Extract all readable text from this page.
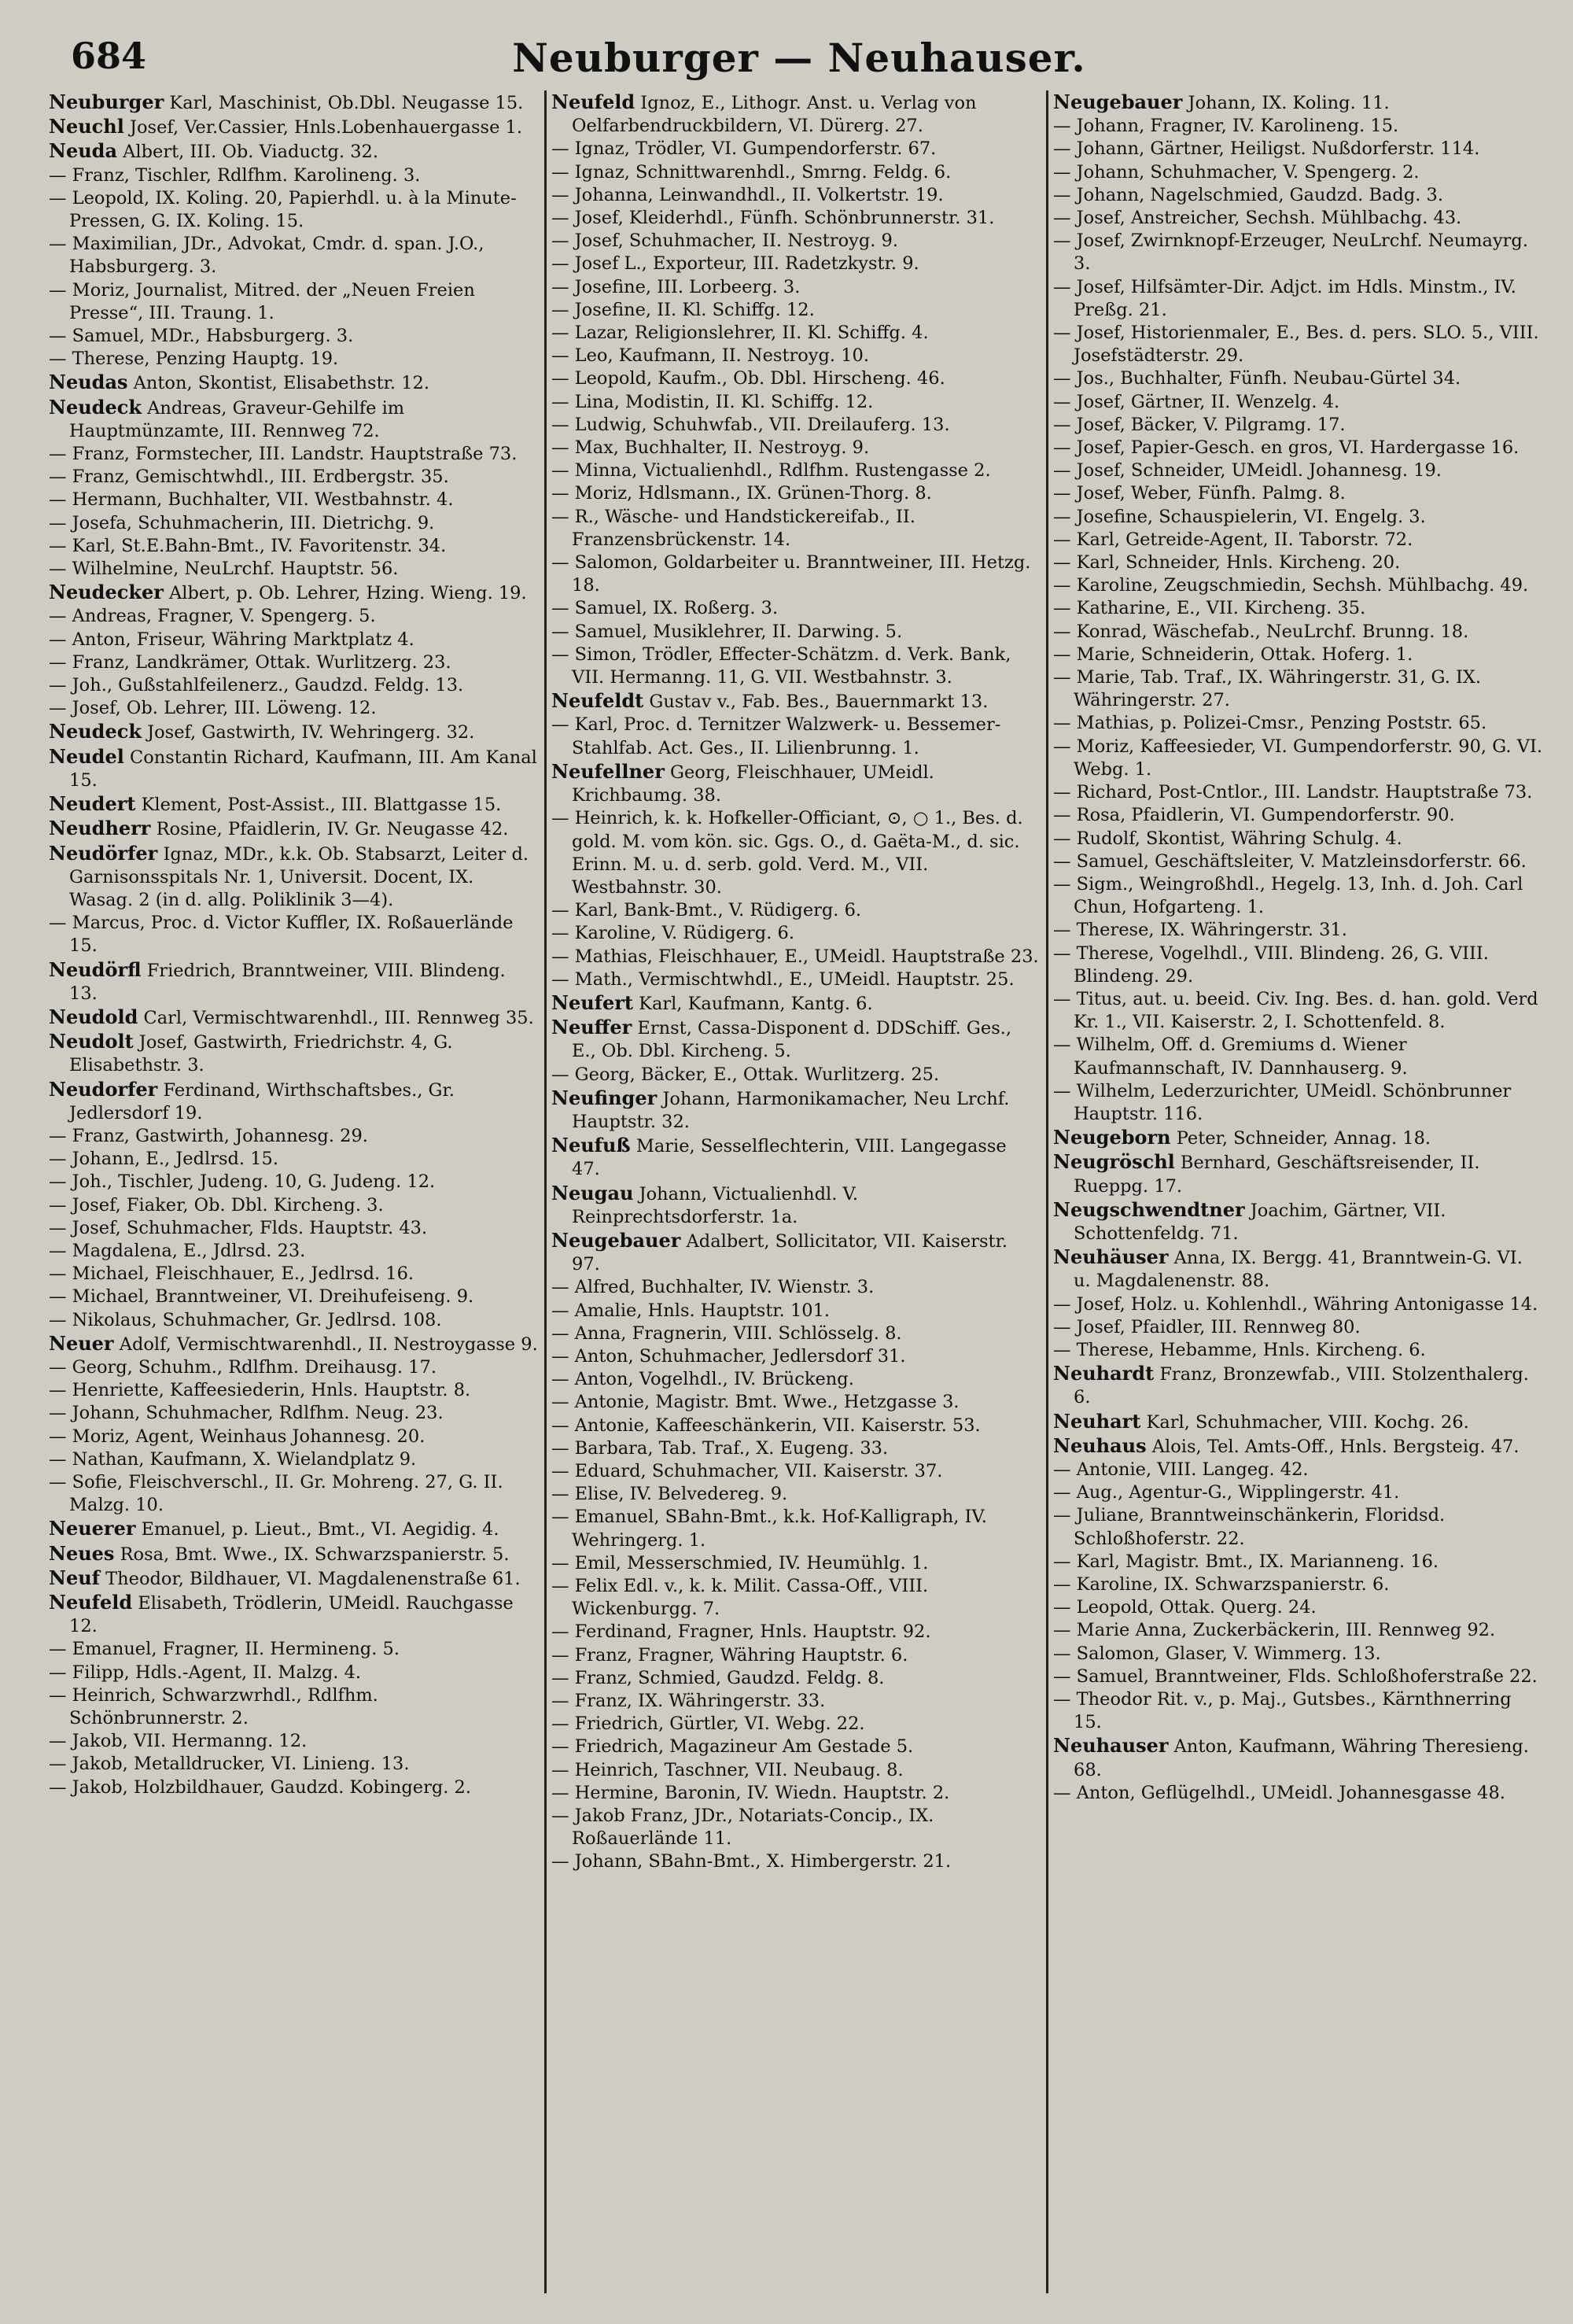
684	Neuburger — Neuhauser.

Neuburger Karl, Maschinist, Ob.Dbl. Neugasse 15.

Neuchl Josef, Ver.Cassier, Hnls.Lobenhauergasse 1.

Neuda Albert, III. Ob. Viaductg. 32.

— Franz, Tischler, Rdlfhm. Karolineng. 3.

— Leopold, IX. Koling. 20, Papierhdl. u. à la Minute-Pressen, G. IX. Koling. 15.

— Maximilian, JDr., Advokat, Cmdr. d. span. J.O., Habsburgerg. 3.

— Moriz, Journalist, Mitred. der „Neuen Freien Presse“, III. Traung. 1.

— Samuel, MDr., Habsburgerg. 3.

— Therese, Penzing Hauptg. 19.

Neudas Anton, Skontist, Elisabethstr. 12.

Neudeck Andreas, Graveur-Gehilfe im Hauptmünzamte, III. Rennweg 72.

— Franz, Formstecher, III. Landstr. Hauptstraße 73.

— Franz, Gemischtwhdl., III. Erdbergstr. 35.

— Hermann, Buchhalter, VII. Westbahnstr. 4.

— Josefa, Schuhmacherin, III. Dietrichg. 9.

— Karl, St.E.Bahn-Bmt., IV. Favoritenstr. 34.

— Wilhelmine, NeuLrchf. Hauptstr. 56.

Neudecker Albert, p. Ob. Lehrer, Hzing. Wieng. 19.

— Andreas, Fragner, V. Spengerg. 5.

— Anton, Friseur, Währing Marktplatz 4.

— Franz, Landkrämer, Ottak. Wurlitzerg. 23.

— Joh., Gußstahlfeilenerz., Gaudzd. Feldg. 13.

— Josef, Ob. Lehrer, III. Löweng. 12.

Neudeck Josef, Gastwirth, IV. Wehringerg. 32.

Neudel Constantin Richard, Kaufmann, III. Am Kanal 15.

Neudert Klement, Post-Assist., III. Blattgasse 15.

Neudherr Rosine, Pfaidlerin, IV. Gr. Neugasse 42.

Neudörfer Ignaz, MDr., k.k. Ob. Stabsarzt, Leiter d. Garnisonsspitals Nr. 1, Universit. Docent, IX. Wasag. 2 (in d. allg. Poliklinik 3—4).

— Marcus, Proc. d. Victor Kuffler, IX. Roßauerlände 15.

Neudörfl Friedrich, Branntweiner, VIII. Blindeng. 13.

Neudold Carl, Vermischtwarenhdl., III. Rennweg 35.

Neudolt Josef, Gastwirth, Friedrichstr. 4, G. Elisabethstr. 3.

Neudorfer Ferdinand, Wirthschaftsbes., Gr. Jedlersdorf 19.

— Franz, Gastwirth, Johannesg. 29.

— Johann, E., Jedlrsd. 15.

— Joh., Tischler, Judeng. 10, G. Judeng. 12.

— Josef, Fiaker, Ob. Dbl. Kircheng. 3.

— Josef, Schuhmacher, Flds. Hauptstr. 43.

— Magdalena, E., Jdlrsd. 23.

— Michael, Fleischhauer, E., Jedlrsd. 16.

— Michael, Branntweiner, VI. Dreihufeiseng. 9.

— Nikolaus, Schuhmacher, Gr. Jedlrsd. 108.

Neuer Adolf, Vermischtwarenhdl., II. Nestroygasse 9.

— Georg, Schuhm., Rdlfhm. Dreihausg. 17.

— Henriette, Kaffeesiederin, Hnls. Hauptstr. 8.

— Johann, Schuhmacher, Rdlfhm. Neug. 23.

— Moriz, Agent, Weinhaus Johannesg. 20.

— Nathan, Kaufmann, X. Wielandplatz 9.

— Sofie, Fleischverschl., II. Gr. Mohreng. 27, G. II. Malzg. 10.

Neuerer Emanuel, p. Lieut., Bmt., VI. Aegidig. 4.

Neues Rosa, Bmt. Wwe., IX. Schwarzspanierstr. 5.

Neuf Theodor, Bildhauer, VI. Magdalenenstraße 61.

Neufeld Elisabeth, Trödlerin, UMeidl. Rauchgasse 12.

— Emanuel, Fragner, II. Hermineng. 5.

— Filipp, Hdls.-Agent, II. Malzg. 4.

— Heinrich, Schwarzwrhdl., Rdlfhm. Schönbrunnerstr. 2.

— Jakob, VII. Hermanng. 12.

— Jakob, Metalldrucker, VI. Linieng. 13.

— Jakob, Holzbildhauer, Gaudzd. Kobingerg. 2.

Neufeld Ignoz, E., Lithogr. Anst. u. Verlag von Oelfarbendruckbildern, VI. Dürerg. 27.

— Ignaz, Trödler, VI. Gumpendorferstr. 67.

— Ignaz, Schnittwarenhdl., Smrng. Feldg. 6.

— Johanna, Leinwandhdl., II. Volkertstr. 19.

— Josef, Kleiderhdl., Fünfh. Schönbrunnerstr. 31.

— Josef, Schuhmacher, II. Nestroyg. 9.

— Josef L., Exporteur, III. Radetzkystr. 9.

— Josefine, III. Lorbeerg. 3.

— Josefine, II. Kl. Schiffg. 12.

— Lazar, Religionslehrer, II. Kl. Schiffg. 4.

— Leo, Kaufmann, II. Nestroyg. 10.

— Leopold, Kaufm., Ob. Dbl. Hirscheng. 46.

— Lina, Modistin, II. Kl. Schiffg. 12.

— Ludwig, Schuhwfab., VII. Dreilauferg. 13.

— Max, Buchhalter, II. Nestroyg. 9.

— Minna, Victualienhdl., Rdlfhm. Rustengasse 2.

— Moriz, Hdlsmann., IX. Grünen-Thorg. 8.

— R., Wäsche- und Handstickereifab., II. Franzensbrückenstr. 14.

— Salomon, Goldarbeiter u. Branntweiner, III. Hetzg. 18.

— Samuel, IX. Roßerg. 3.

— Samuel, Musiklehrer, II. Darwing. 5.

— Simon, Trödler, Effecter-Schätzm. d. Verk. Bank, VII. Hermanng. 11, G. VII. Westbahnstr. 3.

Neufeldt Gustav v., Fab. Bes., Bauernmarkt 13.

— Karl, Proc. d. Ternitzer Walzwerk- u. Bessemer-Stahlfab. Act. Ges., II. Lilienbrunng. 1.

Neufellner Georg, Fleischhauer, UMeidl. Krichbaumg. 38.

— Heinrich, k. k. Hofkeller-Officiant, ⊙, ○ 1., Bes. d. gold. M. vom kön. sic. Ggs. O., d. Gaëta-M., d. sic. Erinn. M. u. d. serb. gold. Verd. M., VII. Westbahnstr. 30.

— Karl, Bank-Bmt., V. Rüdigerg. 6.

— Karoline, V. Rüdigerg. 6.

— Mathias, Fleischhauer, E., UMeidl. Hauptstraße 23.

— Math., Vermischtwhdl., E., UMeidl. Hauptstr. 25.

Neufert Karl, Kaufmann, Kantg. 6.

Neuffer Ernst, Cassa-Disponent d. DDSchiff. Ges., E., Ob. Dbl. Kircheng. 5.

— Georg, Bäcker, E., Ottak. Wurlitzerg. 25.

Neufinger Johann, Harmonikamacher, Neu Lrchf. Hauptstr. 32.

Neufuß Marie, Sesselflechterin, VIII. Langegasse 47.

Neugau Johann, Victualienhdl. V. Reinprechtsdorferstr. 1a.

Neugebauer Adalbert, Sollicitator, VII. Kaiserstr. 97.

— Alfred, Buchhalter, IV. Wienstr. 3.

— Amalie, Hnls. Hauptstr. 101.

— Anna, Fragnerin, VIII. Schlösselg. 8.

— Anton, Schuhmacher, Jedlersdorf 31.

— Anton, Vogelhdl., IV. Brückeng.

— Antonie, Magistr. Bmt. Wwe., Hetzgasse 3.

— Antonie, Kaffeeschänkerin, VII. Kaiserstr. 53.

— Barbara, Tab. Traf., X. Eugeng. 33.

— Eduard, Schuhmacher, VII. Kaiserstr. 37.

— Elise, IV. Belvedereg. 9.

— Emanuel, SBahn-Bmt., k.k. Hof-Kalligraph, IV. Wehringerg. 1.

— Emil, Messerschmied, IV. Heumühlg. 1.

— Felix Edl. v., k. k. Milit. Cassa-Off., VIII. Wickenburgg. 7.

— Ferdinand, Fragner, Hnls. Hauptstr. 92.

— Franz, Fragner, Währing Hauptstr. 6.

— Franz, Schmied, Gaudzd. Feldg. 8.

— Franz, IX. Währingerstr. 33.

— Friedrich, Gürtler, VI. Webg. 22.

— Friedrich, Magazineur Am Gestade 5.

— Heinrich, Taschner, VII. Neubaug. 8.

— Hermine, Baronin, IV. Wiedn. Hauptstr. 2.

— Jakob Franz, JDr., Notariats-Concip., IX. Roßauerlände 11.

— Johann, SBahn-Bmt., X. Himbergerstr. 21.

Neugebauer Johann, IX. Koling. 11.

— Johann, Fragner, IV. Karolineng. 15.

— Johann, Gärtner, Heiligst. Nußdorferstr. 114.

— Johann, Schuhmacher, V. Spengerg. 2.

— Johann, Nagelschmied, Gaudzd. Badg. 3.

— Josef, Anstreicher, Sechsh. Mühlbachg. 43.

— Josef, Zwirnknopf-Erzeuger, NeuLrchf. Neumayrg. 3.

— Josef, Hilfsämter-Dir. Adjct. im Hdls. Minstm., IV. Preßg. 21.

— Josef, Historienmaler, E., Bes. d. pers. SLO. 5., VIII. Josefstädterstr. 29.

— Jos., Buchhalter, Fünfh. Neubau-Gürtel 34.

— Josef, Gärtner, II. Wenzelg. 4.

— Josef, Bäcker, V. Pilgramg. 17.

— Josef, Papier-Gesch. en gros, VI. Hardergasse 16.

— Josef, Schneider, UMeidl. Johannesg. 19.

— Josef, Weber, Fünfh. Palmg. 8.

— Josefine, Schauspielerin, VI. Engelg. 3.

— Karl, Getreide-Agent, II. Taborstr. 72.

— Karl, Schneider, Hnls. Kircheng. 20.

— Karoline, Zeugschmiedin, Sechsh. Mühlbachg. 49.

— Katharine, E., VII. Kircheng. 35.

— Konrad, Wäschefab., NeuLrchf. Brunng. 18.

— Marie, Schneiderin, Ottak. Hoferg. 1.

— Marie, Tab. Traf., IX. Währingerstr. 31, G. IX. Währingerstr. 27.

— Mathias, p. Polizei-Cmsr., Penzing Poststr. 65.

— Moriz, Kaffeesieder, VI. Gumpendorferstr. 90, G. VI. Webg. 1.

— Richard, Post-Cntlor., III. Landstr. Hauptstraße 73.

— Rosa, Pfaidlerin, VI. Gumpendorferstr. 90.

— Rudolf, Skontist, Währing Schulg. 4.

— Samuel, Geschäftsleiter, V. Matzleinsdorferstr. 66.

— Sigm., Weingroßhdl., Hegelg. 13, Inh. d. Joh. Carl Chun, Hofgarteng. 1.

— Therese, IX. Währingerstr. 31.

— Therese, Vogelhdl., VIII. Blindeng. 26, G. VIII. Blindeng. 29.

— Titus, aut. u. beeid. Civ. Ing. Bes. d. han. gold. Verd Kr. 1., VII. Kaiserstr. 2, I. Schottenfeld. 8.

— Wilhelm, Off. d. Gremiums d. Wiener Kaufmannschaft, IV. Dannhauserg. 9.

— Wilhelm, Lederzurichter, UMeidl. Schönbrunner Hauptstr. 116.

Neugeborn Peter, Schneider, Annag. 18.

Neugröschl Bernhard, Geschäftsreisender, II. Rueppg. 17.

Neugschwendtner Joachim, Gärtner, VII. Schottenfeldg. 71.

Neuhäuser Anna, IX. Bergg. 41, Branntwein-G. VI. u. Magdalenenstr. 88.

— Josef, Holz. u. Kohlenhdl., Währing Antonigasse 14.

— Josef, Pfaidler, III. Rennweg 80.

— Therese, Hebamme, Hnls. Kircheng. 6.

Neuhardt Franz, Bronzewfab., VIII. Stolzenthalerg. 6.

Neuhart Karl, Schuhmacher, VIII. Kochg. 26.

Neuhaus Alois, Tel. Amts-Off., Hnls. Bergsteig. 47.

— Antonie, VIII. Langeg. 42.

— Aug., Agentur-G., Wipplingerstr. 41.

— Juliane, Branntweinschänkerin, Floridsd. Schloßhoferstr. 22.

— Karl, Magistr. Bmt., IX. Marianneng. 16.

— Karoline, IX. Schwarzspanierstr. 6.

— Leopold, Ottak. Querg. 24.

— Marie Anna, Zuckerbäckerin, III. Rennweg 92.

— Salomon, Glaser, V. Wimmerg. 13.

— Samuel, Branntweiner, Flds. Schloßhoferstraße 22.

— Theodor Rit. v., p. Maj., Gutsbes., Kärnthnerring 15.

Neuhauser Anton, Kaufmann, Währing Theresieng. 68.

— Anton, Geflügelhdl., UMeidl. Johannesgasse 48.
